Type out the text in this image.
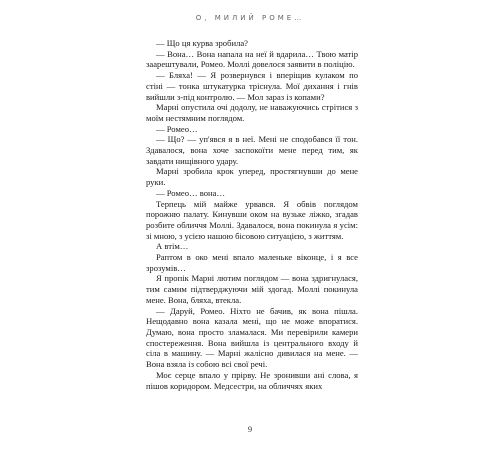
О, МИЛИЙ РОМЕ…

— Що ця курва зробила?

— Вона… Вона напала на неї й вдарила… Твою матір заарештували, Ромео. Моллі довелося заявити в поліцію.

— Бляха! — Я розвернувся і вперіщив кулаком по стіні — тонка штукатурка тріснула. Мої дихання і гнів вийшли з-під контролю. — Мол зараз із копами?

Марні опустила очі додолу, не наважуючись стрітися з моїм нестямним поглядом.

— Ромео…

— Що? — уп'явся я в неї. Мені не сподобався її тон. Здавалося, вона хоче заспокоїти мене перед тим, як завдати нищівного удару.

Марні зробила крок уперед, простягнувши до мене руки.

— Ромео… вона…

Терпець мій майже урвався. Я обвів поглядом порожню палату. Кинувши оком на вузьке ліжко, згадав розбите обличчя Моллі. Здавалося, вона покинула я усім: зі мною, з усією нашою бісовою ситуацією, з життям.

А втім…

Раптом в око мені впало маленьке віконце, і я все зрозумів…

Я пропік Марні лютим поглядом — вона здригнулася, тим самим підтверджуючи мій здогад. Моллі покинула мене. Вона, бляха, втекла.

— Даруй, Ромео. Ніхто не бачив, як вона пішла. Нещодавно вона казала мені, що не може впоратися. Думаю, вона просто зламалася. Ми перевірили камери спостереження. Вона вийшла із центрального входу й сіла в машину. — Марні жалісно дивилася на мене. — Вона взяла із собою всі свої речі.

Моє серце впало у прірву. Не зронивши ані слова, я пішов коридором. Медсестри, на обличчях яких

9
